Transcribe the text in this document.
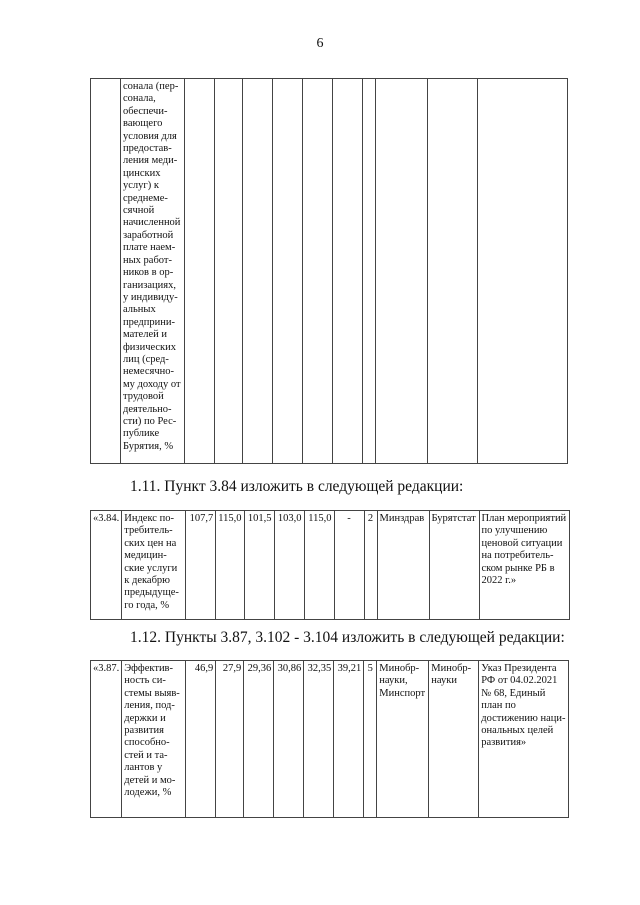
6
	сонала (пер-сонала, обеспечи-вающего условия для предостав-ления меди-цинских услуг) к среднеме-сячной начисленной заработной плате наем-ных работ-ников в ор-ганизациях, у индивиду-альных предприни-мателей и физических лиц (сред-немесячно-му доходу от трудовой деятельно-сти) по Рес-публике Бурятия, %										
1.11. Пункт 3.84 изложить в следующей редакции:
«3.84.	Индекс по-требитель-ских цен на медицин-ские услуги к декабрю предыдуще-го года, %	107,7	115,0	101,5	103,0	115,0	-	2	Минздрав	Бурятстат	План мероприятий по улучшению ценовой ситуации на потребитель-ском рынке РБ в 2022 г.»
1.12. Пункты 3.87, 3.102 - 3.104 изложить в следующей редакции:
«3.87.	Эффектив-ность си-стемы выяв-ления, под-держки и развития способно-стей и та-лантов у детей и мо-лодежи, %	46,9	27,9	29,36	30,86	32,35	39,21	5	Минобр-науки, Минспорт	Минобр-науки	Указ Президента РФ от 04.02.2021 № 68, Единый план по достижению наци-ональных целей развития»
